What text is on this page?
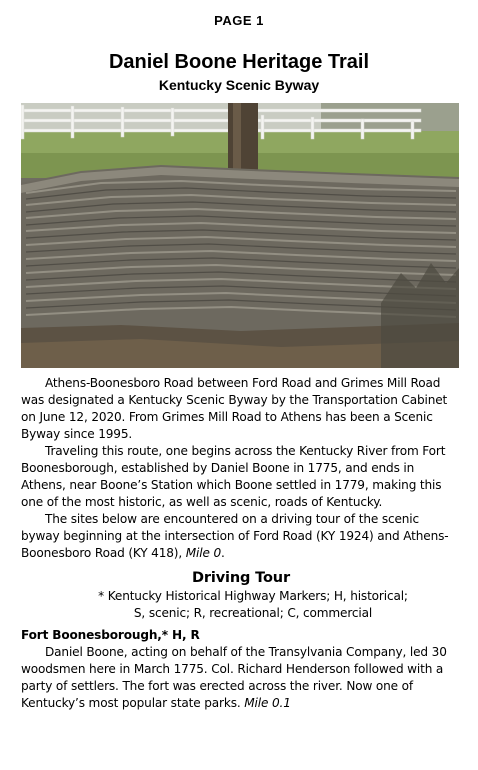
PAGE 1
Daniel Boone Heritage Trail
Kentucky Scenic Byway

Athens-Boonesboro Road between Ford Road and Grimes Mill Road was designated a Kentucky Scenic Byway by the Transportation Cabinet on June 12, 2020. From Grimes Mill Road to Athens has been a Scenic Byway since 1995.

Traveling this route, one begins across the Kentucky River from Fort Boonesborough, established by Daniel Boone in 1775, and ends in Athens, near Boone’s Station which Boone settled in 1779, making this one of the most historic, as well as scenic, roads of Kentucky.

The sites below are encountered on a driving tour of the scenic byway beginning at the intersection of Ford Road (KY 1924) and Athens-Boonesboro Road (KY 418), Mile 0.

Driving Tour

* Kentucky Historical Highway Markers; H, historical;

S, scenic; R, recreational; C, commercial

Fort Boonesborough,* H, R

Daniel Boone, acting on behalf of the Transylvania Company, led 30 woodsmen here in March 1775. Col. Richard Henderson followed with a party of settlers. The fort was erected across the river. Now one of Kentucky’s most popular state parks. Mile 0.1
